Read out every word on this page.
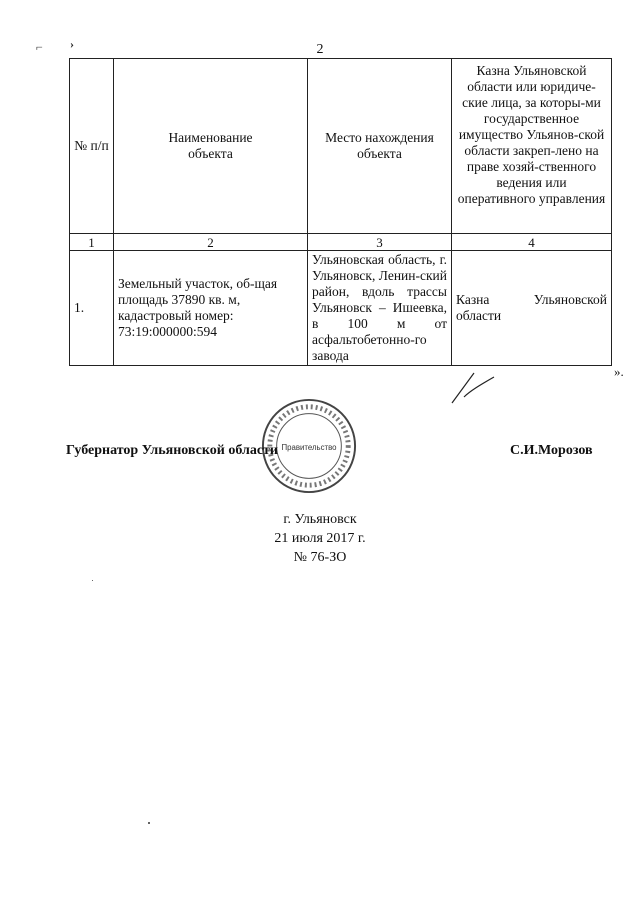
⌐ ›	2
№ п/п	Наименование объекта	Место нахождения объекта	Казна Ульяновской области или юридиче-ские лица, за которы-ми государственное имущество Ульянов-ской области закреп-лено на праве хозяй-ственного ведения или оперативного управления
1	2	3	4
1.	Земельный участок, об-щая площадь 37890 кв. м, кадастровый номер: 73:19:000000:594	Ульяновская область, г. Ульяновск, Ленин-ский район, вдоль трассы Ульяновск – Ишеевка, в 100 м от асфальтобетонно-го завода	Казна Ульяновской области
».
Правительство
Губернатор Ульяновской области	С.И.Морозов
г. Ульяновск
21 июля 2017 г.
№ 76-ЗО
